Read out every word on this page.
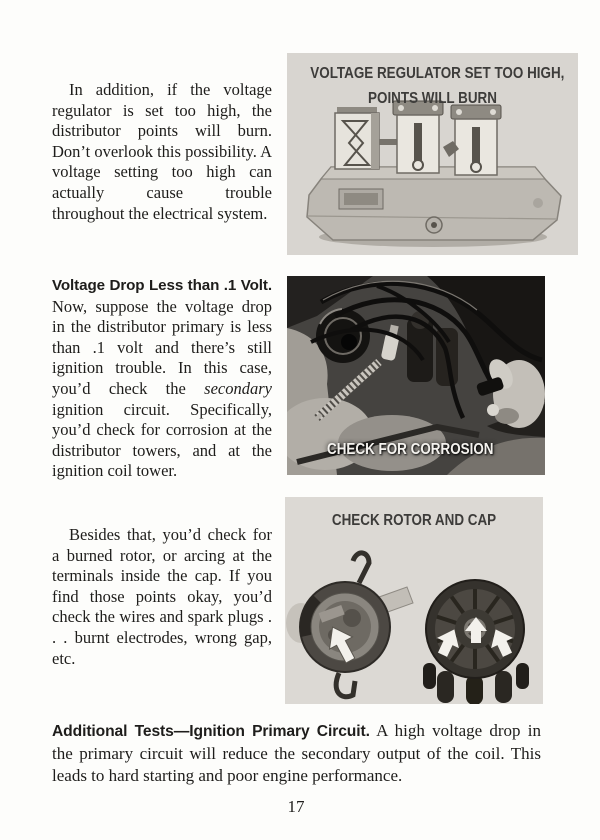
In addition, if the voltage regulator is set too high, the distributor points will burn. Don’t overlook this possibility. A voltage setting too high can actually cause trouble throughout the electrical system.

VOLTAGE REGULATOR SET TOO HIGH,
POINTS WILL BURN

Voltage Drop Less than .1 Volt. Now, suppose the voltage drop in the distributor primary is less than .1 volt and there’s still ignition trouble. In this case, you’d check the secondary ignition circuit. Specifically, you’d check for corrosion at the distributor towers, and at the ignition coil tower.

CHECK FOR CORROSION

Besides that, you’d check for a burned rotor, or arcing at the terminals inside the cap. If you find those points okay, you’d check the wires and spark plugs . . . burnt electrodes, wrong gap, etc.

CHECK ROTOR AND CAP

Additional Tests—Ignition Primary Circuit. A high voltage drop in the primary circuit will reduce the secondary output of the coil. This leads to hard starting and poor engine performance.

17
